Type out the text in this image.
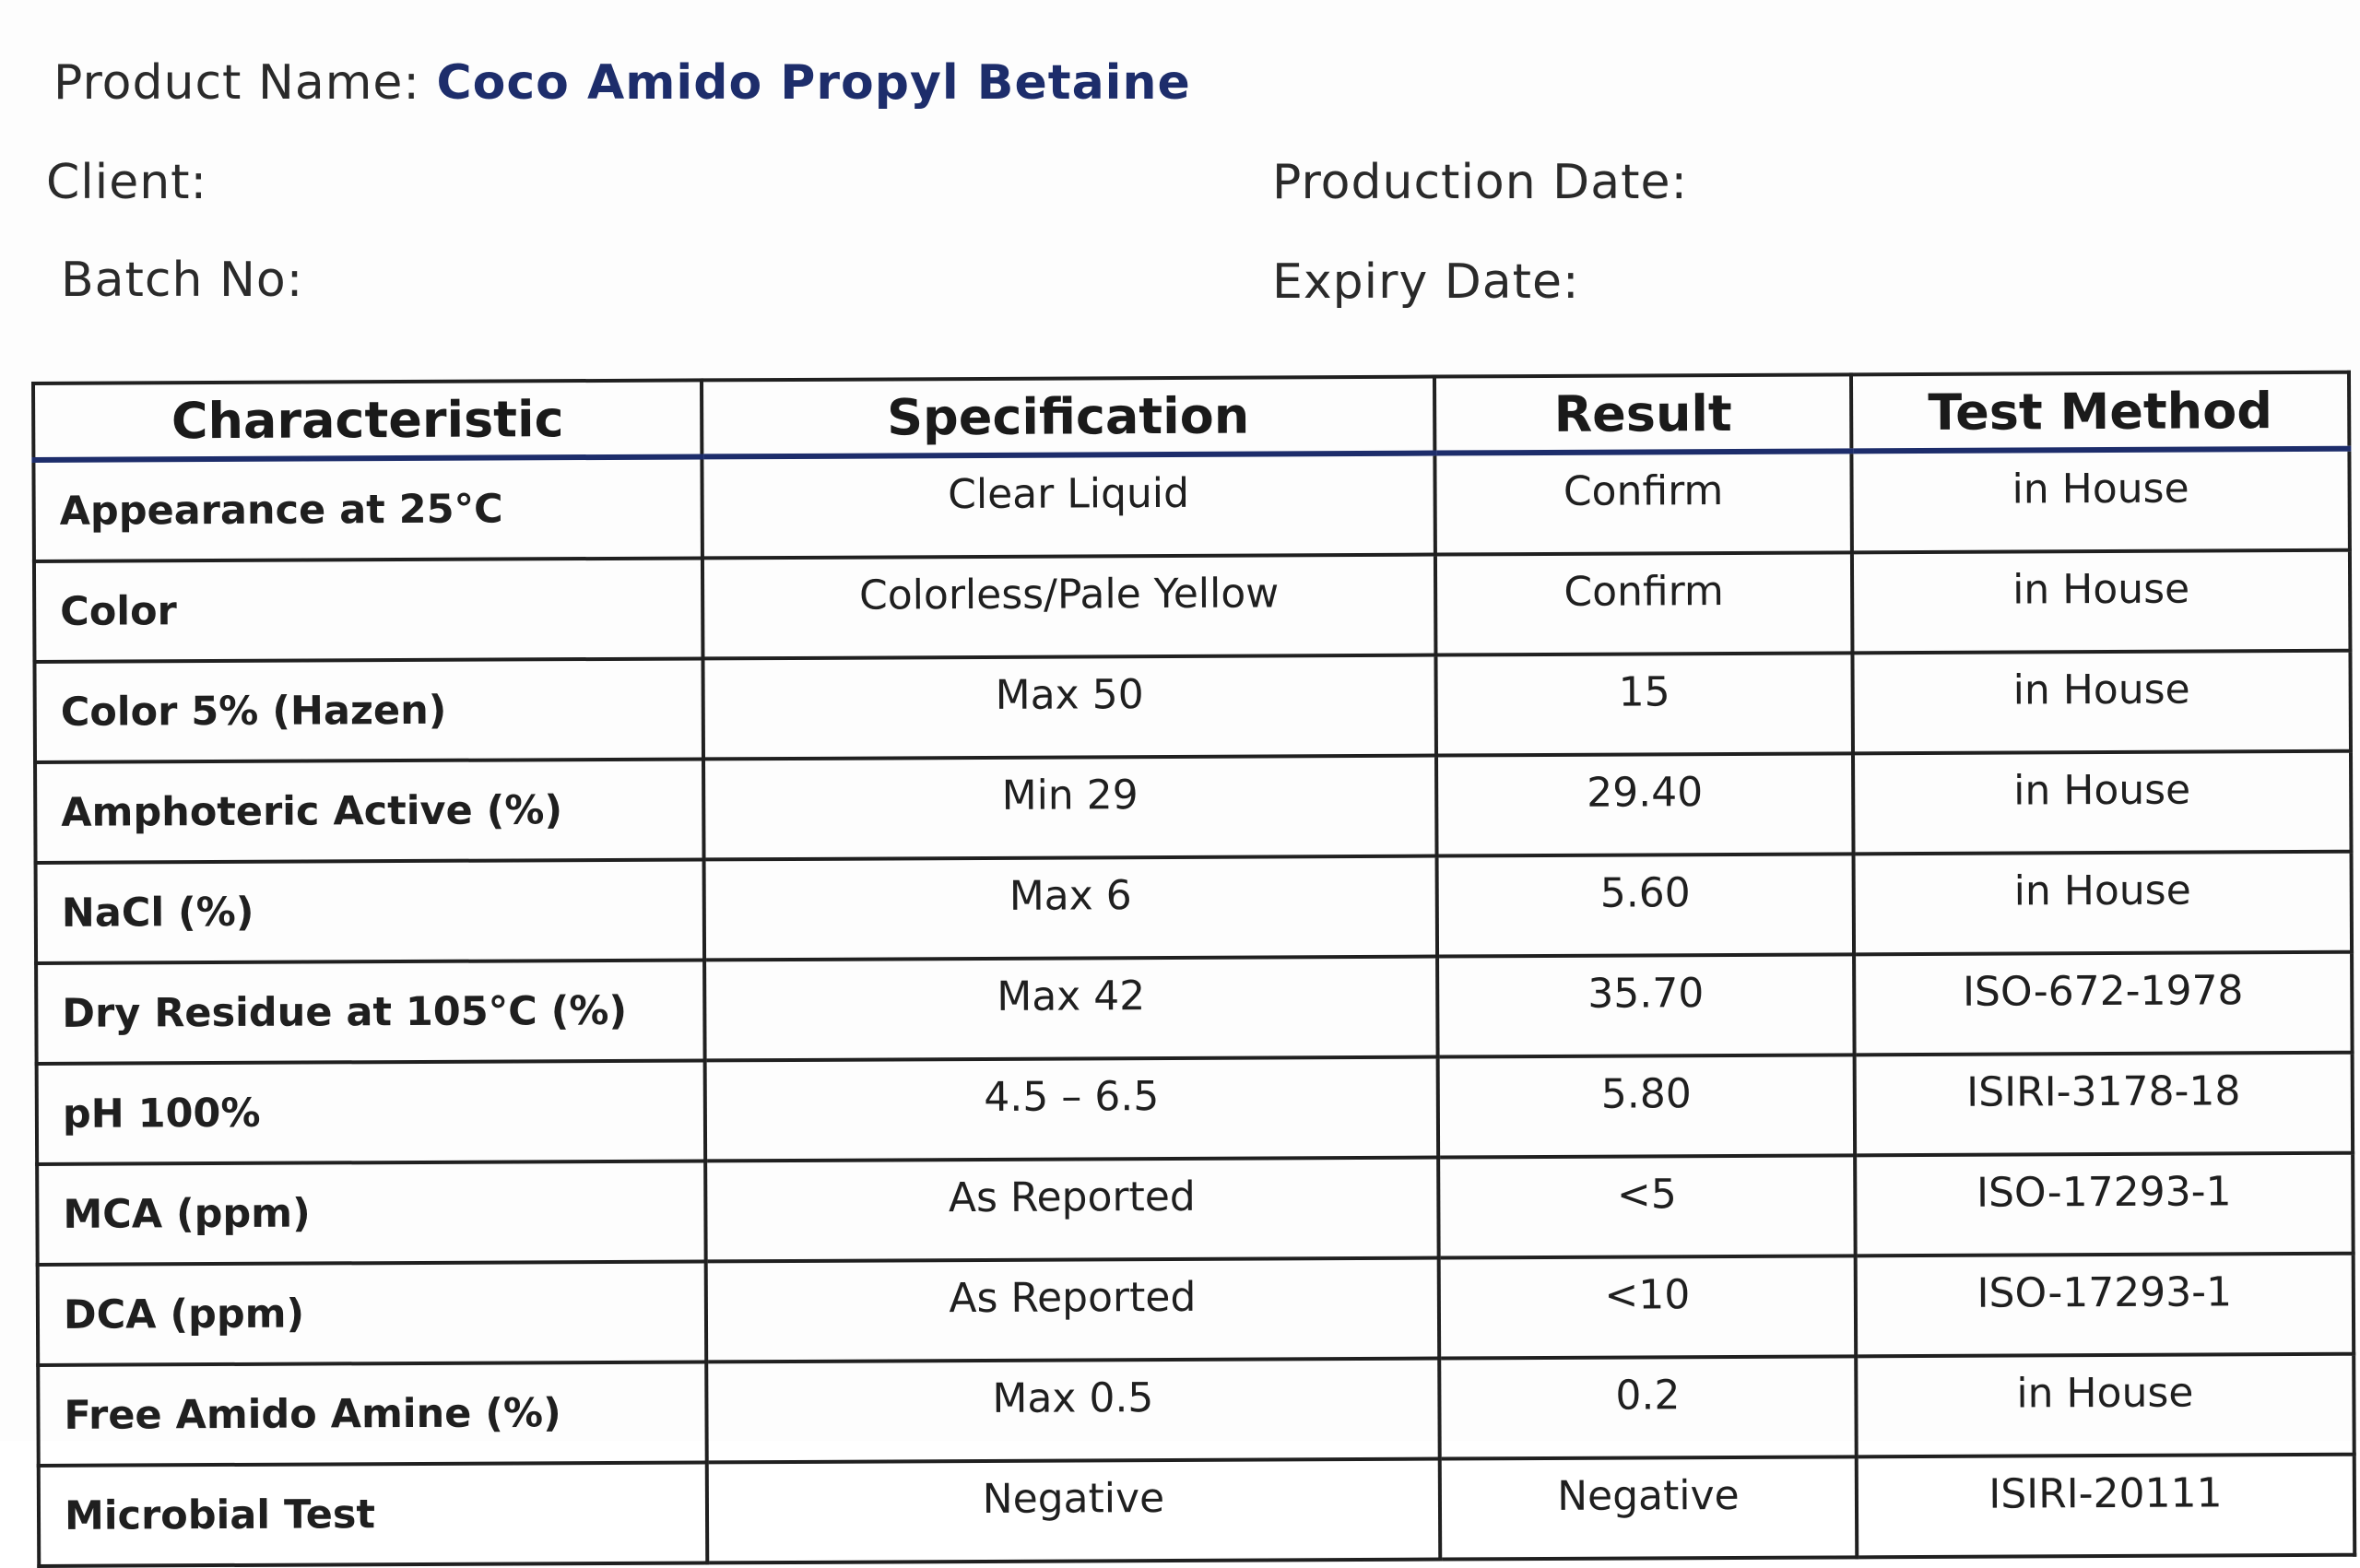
Product Name: Coco Amido Propyl Betaine
Client:	Production Date:
Batch No:	Expiry Date:
Characteristic	Specification	Result	Test Method
Appearance at 25°C	Clear Liquid	Confirm	in House
Color	Colorless/Pale Yellow	Confirm	in House
Color 5% (Hazen)	Max 50	15	in House
Amphoteric Active (%)	Min 29	29.40	in House
NaCl (%)	Max 6	5.60	in House
Dry Residue at 105°C (%)	Max 42	35.70	ISO-672-1978
pH 100%	4.5 – 6.5	5.80	ISIRI-3178-18
MCA (ppm)	As Reported	<5	ISO-17293-1
DCA (ppm)	As Reported	<10	ISO-17293-1
Free Amido Amine (%)	Max 0.5	0.2	in House
Microbial Test	Negative	Negative	ISIRI-20111
